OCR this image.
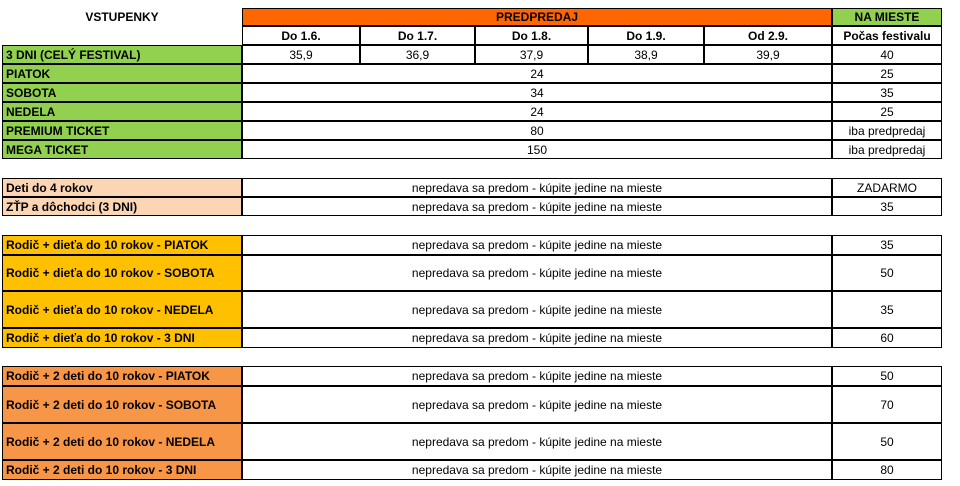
VSTUPENKY	PREDPREDAJ	NA MIESTE
Do 1.6.	Do 1.7.	Do 1.8.	Do 1.9.	Od 2.9.	Počas festivalu
3 DNI (CELÝ FESTIVAL)	35,9	36,9	37,9	38,9	39,9	40
PIATOK	24	25
SOBOTA	34	35
NEDELA	24	25
PREMIUM TICKET	80	iba predpredaj
MEGA TICKET	150	iba predpredaj
Deti do 4 rokov	nepredava sa predom - kúpite jedine na mieste	ZADARMO
ZŤP a dôchodci (3 DNI)	nepredava sa predom - kúpite jedine na mieste	35
Rodič + dieťa do 10 rokov - PIATOK	nepredava sa predom - kúpite jedine na mieste	35
Rodič + dieťa do 10 rokov - SOBOTA	nepredava sa predom - kúpite jedine na mieste	50
Rodič + dieťa do 10 rokov - NEDELA	nepredava sa predom - kúpite jedine na mieste	35
Rodič + dieťa do 10 rokov - 3 DNI	nepredava sa predom - kúpite jedine na mieste	60
Rodič + 2 deti do 10 rokov - PIATOK	nepredava sa predom - kúpite jedine na mieste	50
Rodič + 2 deti do 10 rokov - SOBOTA	nepredava sa predom - kúpite jedine na mieste	70
Rodič + 2 deti do 10 rokov - NEDELA	nepredava sa predom - kúpite jedine na mieste	50
Rodič + 2 deti do 10 rokov - 3 DNI	nepredava sa predom - kúpite jedine na mieste	80
